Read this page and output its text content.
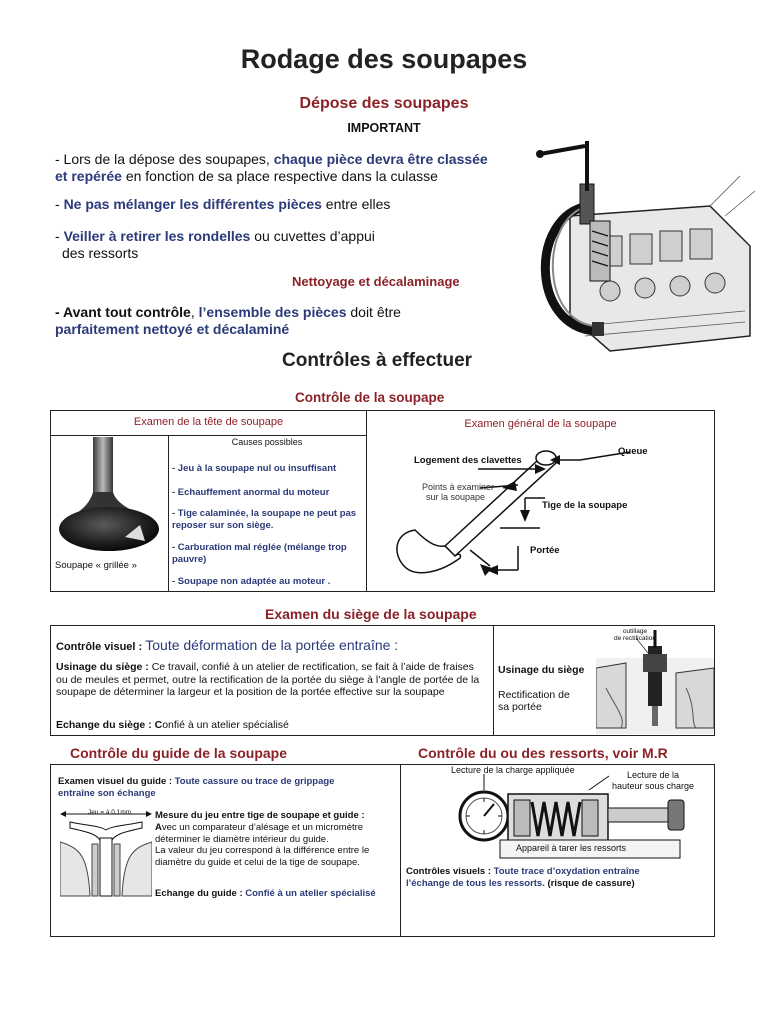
Rodage des soupapes
Dépose des soupapes
IMPORTANT
- Lors de la dépose des soupapes, chaque pièce devra être classée
et repérée en fonction de sa place respective dans la culasse
- Ne pas mélanger les différentes pièces entre elles
- Veiller à retirer les rondelles ou cuvettes d’appui
des ressorts
Nettoyage et décalaminage
- Avant tout contrôle, l’ensemble des pièces doit être
parfaitement nettoyé et décalaminé
Contrôles à effectuer
Contrôle de la soupape
Examen de la tête de soupape	Examen général de la soupape
Causes possibles
- Jeu à la soupape nul ou insuffisant
- Echauffement anormal du moteur
- Tige calaminée, la soupape ne peut pas reposer sur son siège.
- Carburation mal réglée (mélange trop pauvre)
- Soupape non adaptée au moteur .
Soupape « grillée »
Logement des clavettes
Queue
Points à examiner
sur la soupape
Tige de la soupape
Portée
Examen du siège de la soupape
Contrôle visuel : Toute déformation de la portée entraîne :
Usinage du siège : Ce travail, confié à un atelier de rectification, se fait à l’aide de fraises ou de meules et permet, outre la rectification de la portée du siège à l’angle de portée de la soupape de déterminer la largeur et la position de la portée effective sur la soupape
Echange du siège : Confié à un atelier spécialisé
Usinage du siège
Rectification de
sa portée
outillage
de rectification
Contrôle du guide de la soupape	Contrôle du ou des ressorts, voir M.R
Examen visuel du guide : Toute cassure ou trace de grippage
entraîne son échange
Jeu = à 0,1mm	Mesure du jeu entre tige de soupape et guide :
Avec un comparateur d’alésage et un micromètre déterminer le diamètre intérieur du guide.
La valeur du jeu correspond à la différence entre le diamètre du guide et celui de la tige de soupape.
Echange du guide : Confié à un atelier spécialisé
Lecture de la charge appliquée	Lecture de la
hauteur sous charge
Appareil à tarer les ressorts
Contrôles visuels : Toute trace d’oxydation entraîne
l’échange de tous les ressorts. (risque de cassure)
